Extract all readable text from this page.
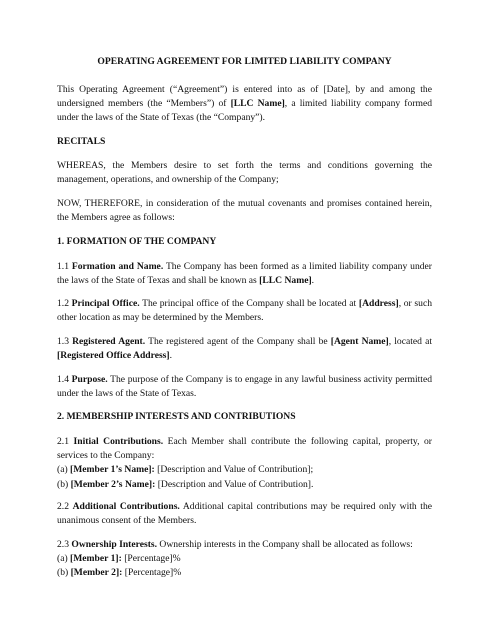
OPERATING AGREEMENT FOR LIMITED LIABILITY COMPANY

This Operating Agreement (“Agreement”) is entered into as of [Date], by and among the undersigned members (the “Members”) of [LLC Name], a limited liability company formed under the laws of the State of Texas (the “Company”).

RECITALS

WHEREAS, the Members desire to set forth the terms and conditions governing the management, operations, and ownership of the Company;

NOW, THEREFORE, in consideration of the mutual covenants and promises contained herein, the Members agree as follows:

1. FORMATION OF THE COMPANY

1.1 Formation and Name. The Company has been formed as a limited liability company under the laws of the State of Texas and shall be known as [LLC Name].

1.2 Principal Office. The principal office of the Company shall be located at [Address], or such other location as may be determined by the Members.

1.3 Registered Agent. The registered agent of the Company shall be [Agent Name], located at [Registered Office Address].

1.4 Purpose. The purpose of the Company is to engage in any lawful business activity permitted under the laws of the State of Texas.

2. MEMBERSHIP INTERESTS AND CONTRIBUTIONS
2.1 Initial Contributions. Each Member shall contribute the following capital, property, or services to the Company:
(a) [Member 1’s Name]: [Description and Value of Contribution];
(b) [Member 2’s Name]: [Description and Value of Contribution].

2.2 Additional Contributions. Additional capital contributions may be required only with the unanimous consent of the Members.

2.3 Ownership Interests. Ownership interests in the Company shall be allocated as follows:
(a) [Member 1]: [Percentage]%
(b) [Member 2]: [Percentage]%
